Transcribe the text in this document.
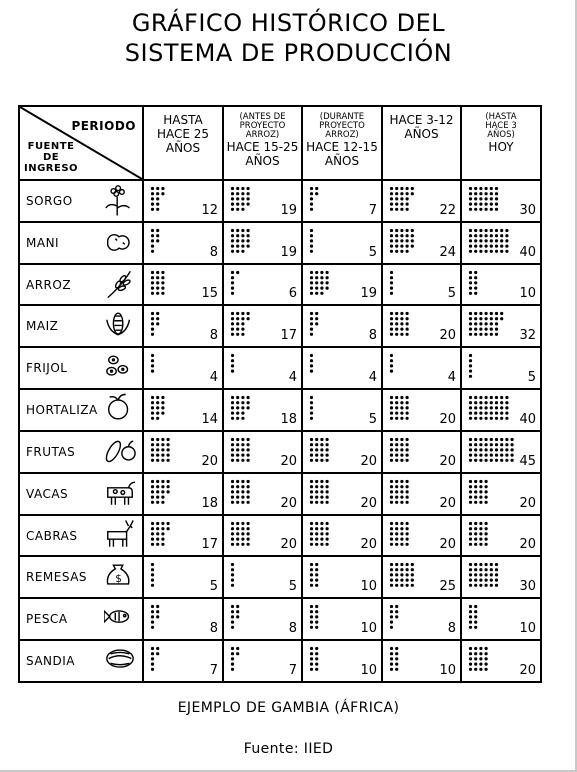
GRÁFICO HISTÓRICO DEL
SISTEMA DE PRODUCCIÓN
PERIODO
FUENTE
DE
INGRESO	HASTA
HACE 25
AÑOS	(ANTES DE
PROYECTO
ARROZ)
HACE 15-25
AÑOS	(DURANTE
PROYECTO
ARROZ)
HACE 12-15
AÑOS	HACE 3-12
AÑOS	(HASTA
HACE 3
AÑOS)
HOY

SORGO	12	19	7	22	30

MANI	8	19	5	24	40

ARROZ	15	6	19	5	10

MAIZ	8	17	8	20	32

FRIJOL	4	4	4	4	5

HORTALIZA	14	18	5	20	40

FRUTAS	20	20	20	20	45

VACAS	18	20	20	20	20

CABRAS	17	20	20	20	20

REMESAS $	5	5	10	25	30

PESCA	8	8	10	8	10

SANDIA	7	7	10	10	20
EJEMPLO DE GAMBIA (ÁFRICA)
Fuente: IIED
